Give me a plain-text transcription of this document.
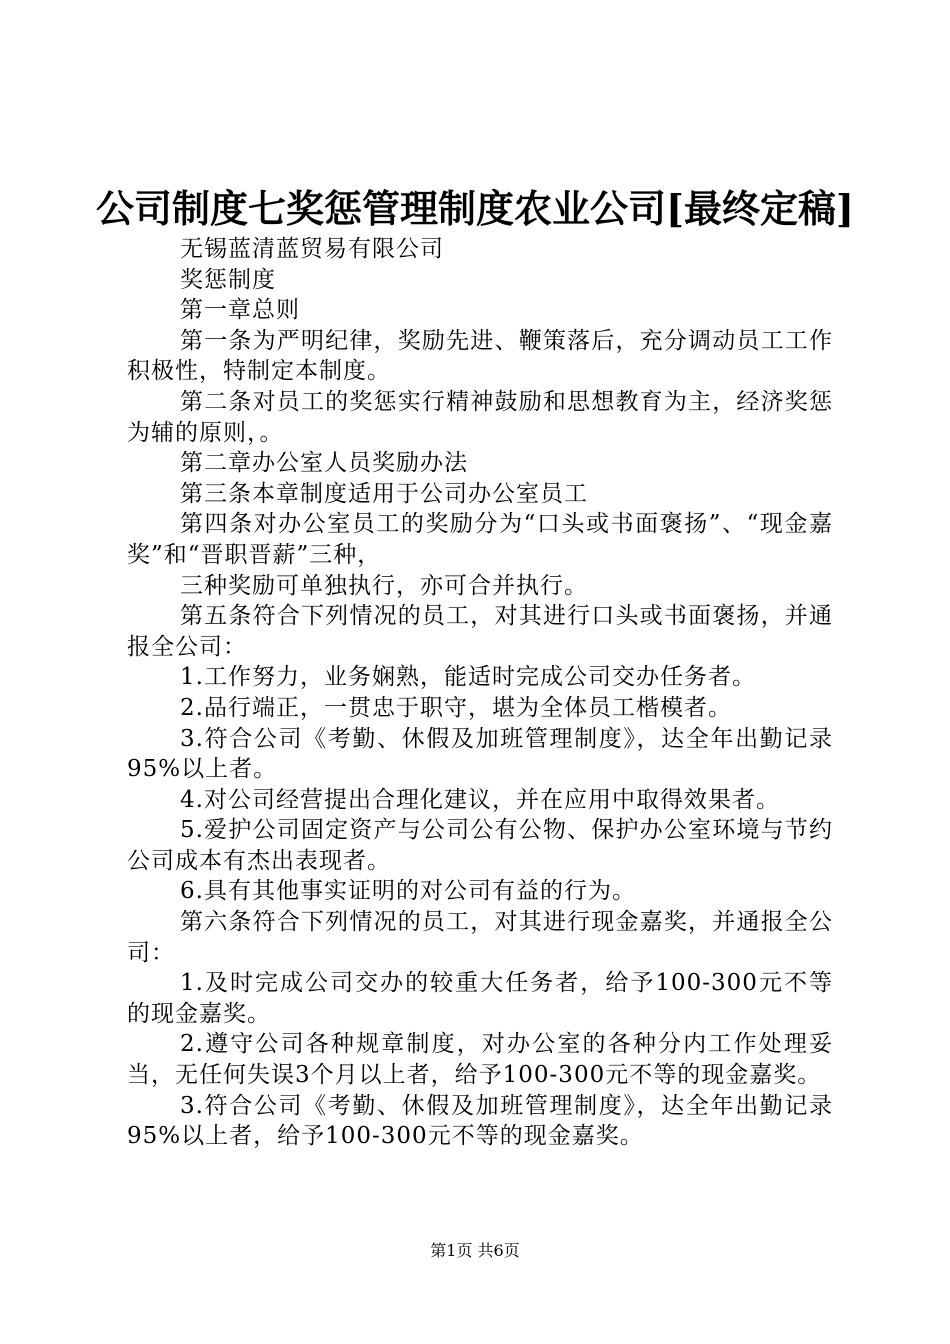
公司制度七奖惩管理制度农业公司[最终定稿]

无锡蓝清蓝贸易有限公司

奖惩制度

第一章总则

第一条为严明纪律，奖励先进、鞭策落后，充分调动员工工作积极性，特制定本制度。

第二条对员工的奖惩实行精神鼓励和思想教育为主，经济奖惩为辅的原则，。

第二章办公室人员奖励办法

第三条本章制度适用于公司办公室员工

第四条对办公室员工的奖励分为“口头或书面褒扬”、“现金嘉奖”和“晋职晋薪”三种，

三种奖励可单独执行，亦可合并执行。

第五条符合下列情况的员工，对其进行口头或书面褒扬，并通报全公司：

1.工作努力，业务娴熟，能适时完成公司交办任务者。

2.品行端正，一贯忠于职守，堪为全体员工楷模者。

3.符合公司《考勤、休假及加班管理制度》，达全年出勤记录95%以上者。

4.对公司经营提出合理化建议，并在应用中取得效果者。

5.爱护公司固定资产与公司公有公物、保护办公室环境与节约公司成本有杰出表现者。

6.具有其他事实证明的对公司有益的行为。

第六条符合下列情况的员工，对其进行现金嘉奖，并通报全公司：

1.及时完成公司交办的较重大任务者，给予100-300元不等的现金嘉奖。

2.遵守公司各种规章制度，对办公室的各种分内工作处理妥当，无任何失误3个月以上者，给予100-300元不等的现金嘉奖。

3.符合公司《考勤、休假及加班管理制度》，达全年出勤记录95%以上者，给予100-300元不等的现金嘉奖。

第1页 共6页
